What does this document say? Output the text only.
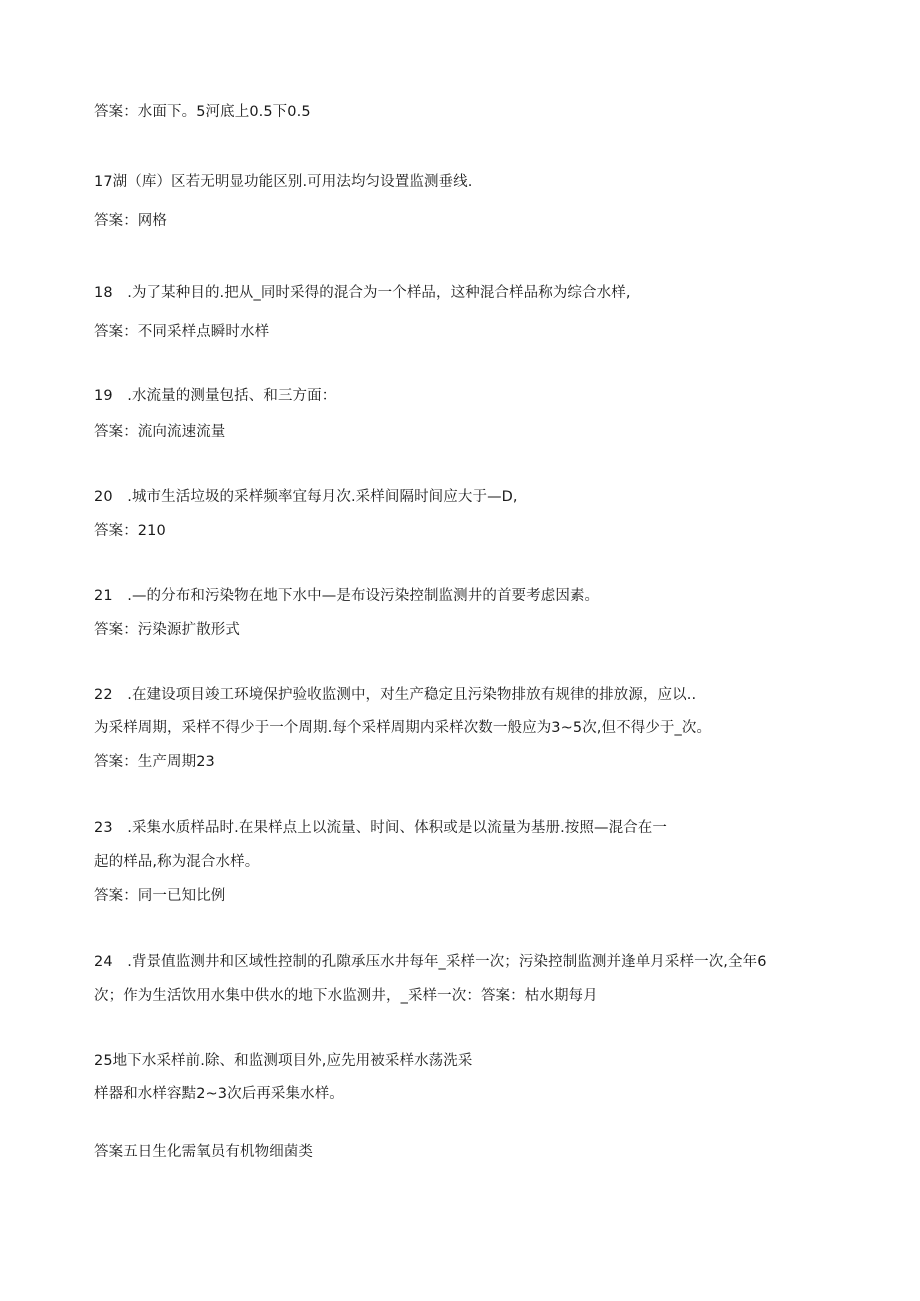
答案：水面下。5河底上0.5下0.5
17湖（库）区若无明显功能区别.可用法均匀设置监测垂线.
答案：网格
18　.为了某种目的.把从_同时采得的混合为一个样品，这种混合样品称为综合水样,
答案：不同采样点瞬时水样
19　.水流量的测量包括、和三方面：
答案：流向流速流量
20　.城市生活垃圾的采样频率宜每月次.采样间隔时间应大于—D,
答案：210
21　.—的分布和污染物在地下水中—是布设污染控制监测井的首要考虑因素。
答案：污染源扩散形式
22　.在建设项目竣工环境保护验收监测中，对生产稳定且污染物排放有规律的排放源，应以..
为采样周期，采样不得少于一个周期.每个采样周期内采样次数一般应为3~5次,但不得少于_次。
答案：生产周期23
23　.采集水质样品时.在果样点上以流量、时间、体积或是以流量为基册.按照—混合在一
起的样品,称为混合水样。
答案：同一已知比例
24　.背景值监测井和区域性控制的孔隙承压水井每年_采样一次；污染控制监测并逢单月采样一次,全年6
次；作为生活饮用水集中供水的地下水监测井，_采样一次：答案：枯水期每月
25地下水采样前.除、和监测项目外,应先用被采样水荡洗采
样器和水样容黠2~3次后再采集水样。
答案五日生化需氧员有机物细菌类
